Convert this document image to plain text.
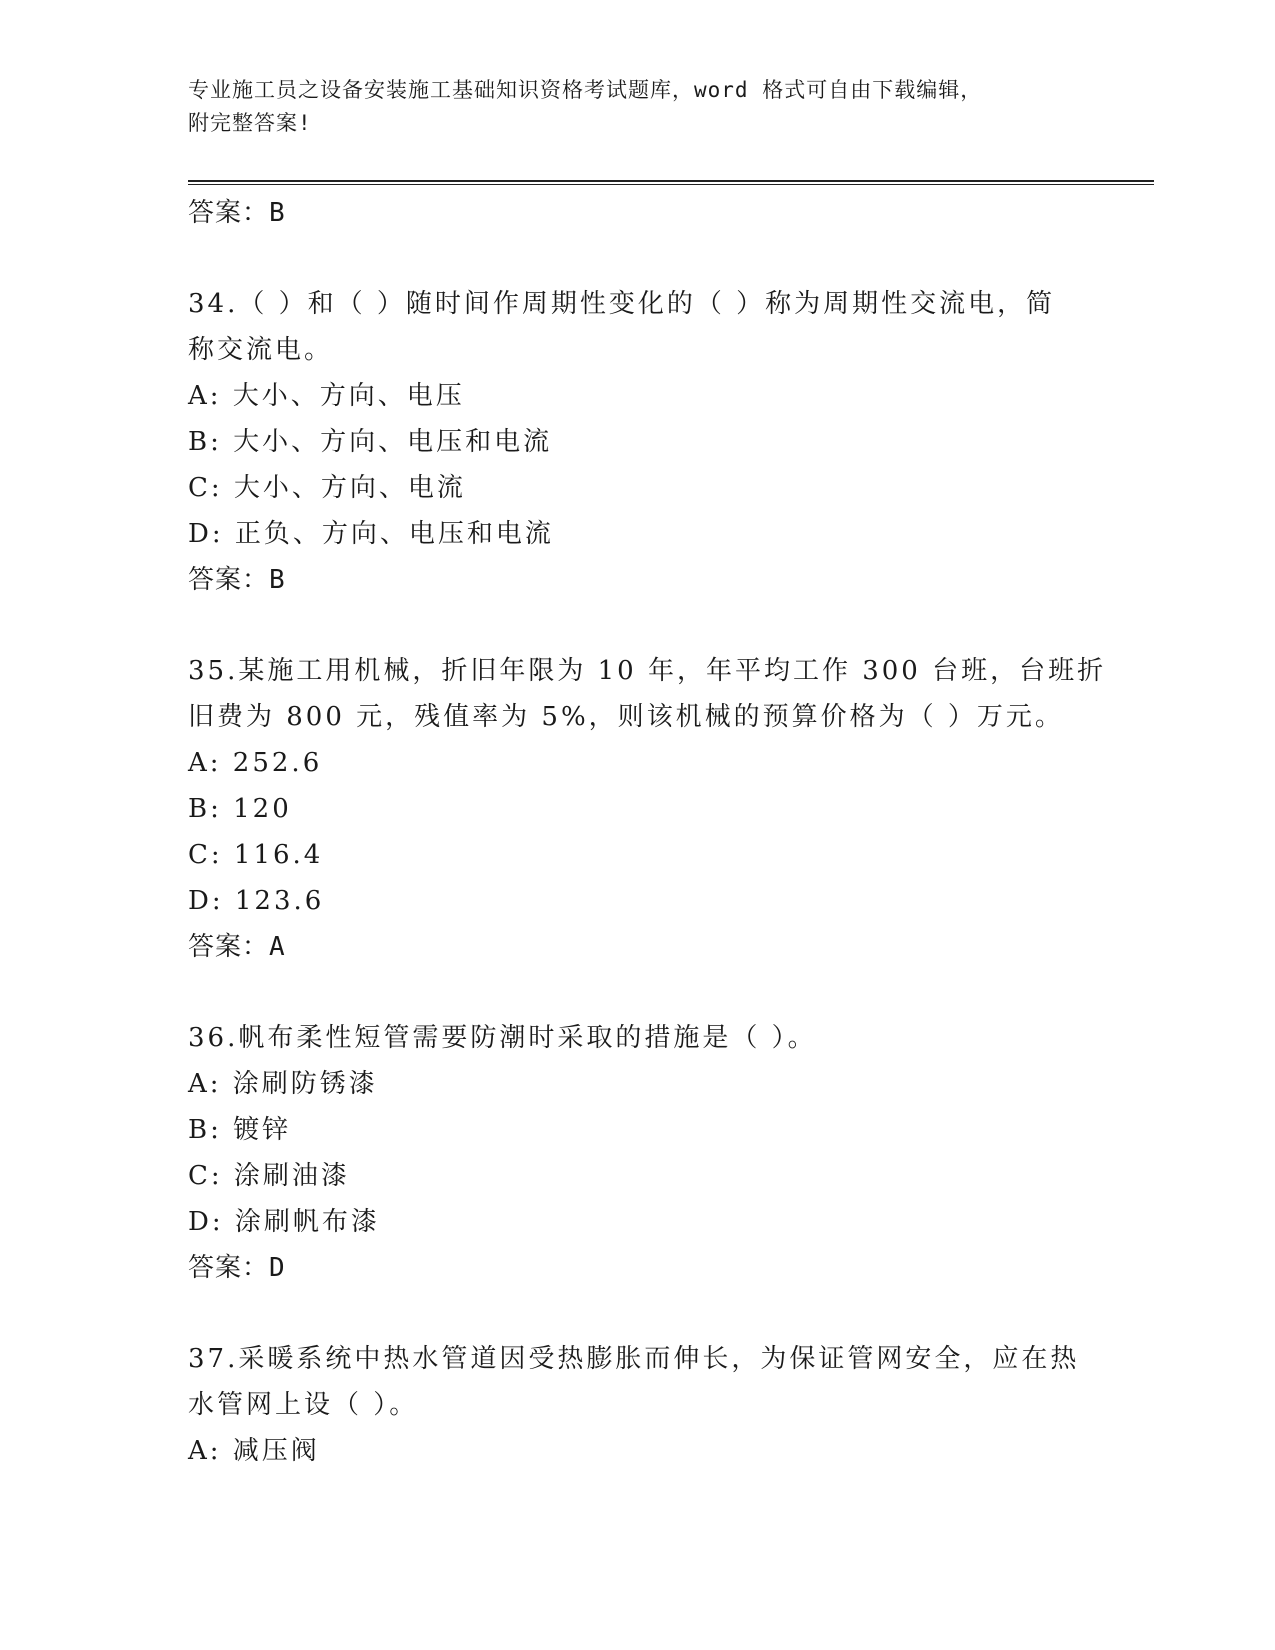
专业施工员之设备安装施工基础知识资格考试题库，word 格式可自由下载编辑，
附完整答案!
答案：B
34.（ ）和（ ）随时间作周期性变化的（ ）称为周期性交流电，简
称交流电。
A: 大小、方向、电压
B: 大小、方向、电压和电流
C: 大小、方向、电流
D: 正负、方向、电压和电流
答案：B
35.某施工用机械，折旧年限为 10 年，年平均工作 300 台班，台班折
旧费为 800 元，残值率为 5%，则该机械的预算价格为（ ）万元。
A: 252.6
B: 120
C: 116.4
D: 123.6
答案：A
36.帆布柔性短管需要防潮时采取的措施是（ ）。
A: 涂刷防锈漆
B: 镀锌
C: 涂刷油漆
D: 涂刷帆布漆
答案：D
37.采暖系统中热水管道因受热膨胀而伸长，为保证管网安全，应在热
水管网上设（ ）。
A: 减压阀
